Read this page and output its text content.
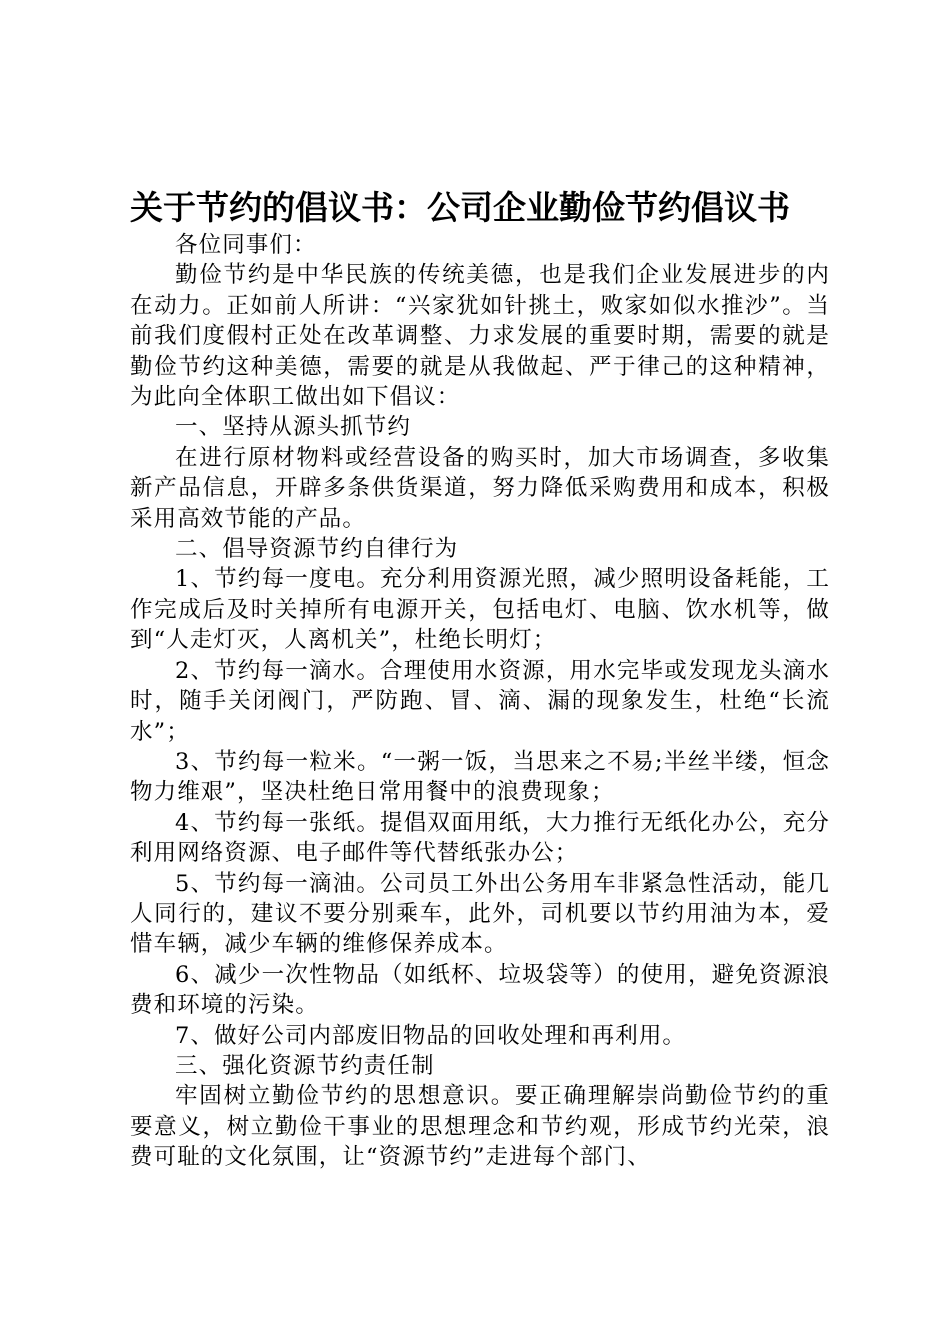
关于节约的倡议书：公司企业勤俭节约倡议书

各位同事们：

勤俭节约是中华民族的传统美德，也是我们企业发展进步的内在动力。正如前人所讲：“兴家犹如针挑土，败家如似水推沙”。当前我们度假村正处在改革调整、力求发展的重要时期，需要的就是勤俭节约这种美德，需要的就是从我做起、严于律己的这种精神，为此向全体职工做出如下倡议：

一、坚持从源头抓节约

在进行原材物料或经营设备的购买时，加大市场调查，多收集新产品信息，开辟多条供货渠道，努力降低采购费用和成本，积极采用高效节能的产品。

二、倡导资源节约自律行为

1、节约每一度电。充分利用资源光照，减少照明设备耗能，工作完成后及时关掉所有电源开关，包括电灯、电脑、饮水机等，做到“人走灯灭，人离机关”，杜绝长明灯；

2、节约每一滴水。合理使用水资源，用水完毕或发现龙头滴水时，随手关闭阀门，严防跑、冒、滴、漏的现象发生，杜绝“长流水”；

3、节约每一粒米。“一粥一饭，当思来之不易;半丝半缕，恒念物力维艰”，坚决杜绝日常用餐中的浪费现象；

4、节约每一张纸。提倡双面用纸，大力推行无纸化办公，充分利用网络资源、电子邮件等代替纸张办公；

5、节约每一滴油。公司员工外出公务用车非紧急性活动，能几人同行的，建议不要分别乘车，此外，司机要以节约用油为本，爱惜车辆，减少车辆的维修保养成本。

6、减少一次性物品（如纸杯、垃圾袋等）的使用，避免资源浪费和环境的污染。

7、做好公司内部废旧物品的回收处理和再利用。

三、强化资源节约责任制

牢固树立勤俭节约的思想意识。要正确理解崇尚勤俭节约的重要意义，树立勤俭干事业的思想理念和节约观，形成节约光荣，浪费可耻的文化氛围，让“资源节约”走进每个部门、
